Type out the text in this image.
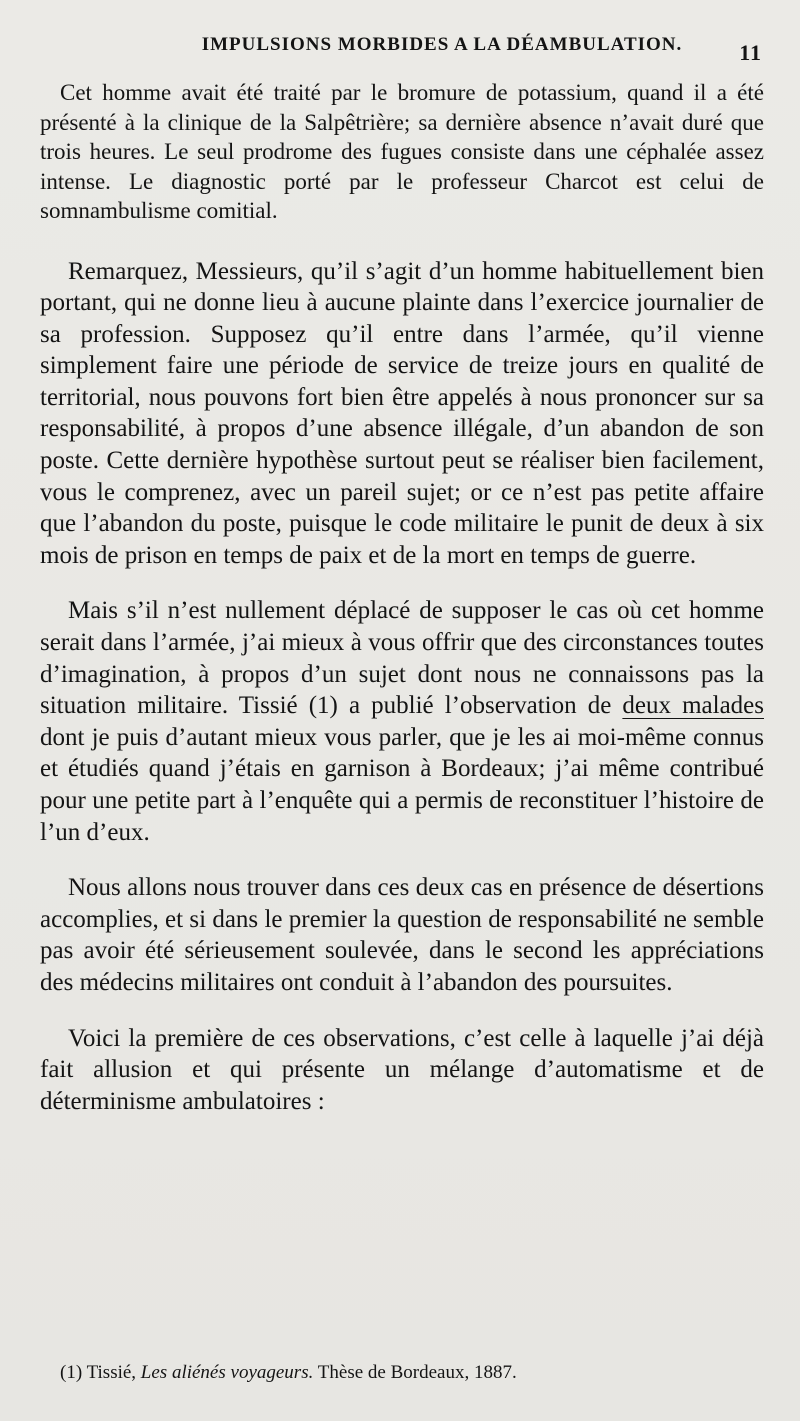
IMPULSIONS MORBIDES A LA DÉAMBULATION.	11

Cet homme avait été traité par le bromure de potassium, quand il a été présenté à la clinique de la Salpêtrière; sa dernière absence n’avait duré que trois heures. Le seul prodrome des fugues consiste dans une céphalée assez intense. Le diagnostic porté par le professeur Charcot est celui de somnambulisme comitial.

Remarquez, Messieurs, qu’il s’agit d’un homme habituellement bien portant, qui ne donne lieu à aucune plainte dans l’exercice journalier de sa profession. Supposez qu’il entre dans l’armée, qu’il vienne simplement faire une période de service de treize jours en qualité de territorial, nous pouvons fort bien être appelés à nous prononcer sur sa responsabilité, à propos d’une absence illégale, d’un abandon de son poste. Cette dernière hypothèse surtout peut se réaliser bien facilement, vous le comprenez, avec un pareil sujet; or ce n’est pas petite affaire que l’abandon du poste, puisque le code militaire le punit de deux à six mois de prison en temps de paix et de la mort en temps de guerre.

Mais s’il n’est nullement déplacé de supposer le cas où cet homme serait dans l’armée, j’ai mieux à vous offrir que des circonstances toutes d’imagination, à propos d’un sujet dont nous ne connaissons pas la situation militaire. Tissié (1) a publié l’observation de deux malades dont je puis d’autant mieux vous parler, que je les ai moi-même connus et étudiés quand j’étais en garnison à Bordeaux; j’ai même contribué pour une petite part à l’enquête qui a permis de reconstituer l’histoire de l’un d’eux.

Nous allons nous trouver dans ces deux cas en présence de désertions accomplies, et si dans le premier la question de responsabilité ne semble pas avoir été sérieusement soulevée, dans le second les appréciations des médecins militaires ont conduit à l’abandon des poursuites.

Voici la première de ces observations, c’est celle à laquelle j’ai déjà fait allusion et qui présente un mélange d’automatisme et de déterminisme ambulatoires :

(1) Tissié, Les aliénés voyageurs. Thèse de Bordeaux, 1887.
